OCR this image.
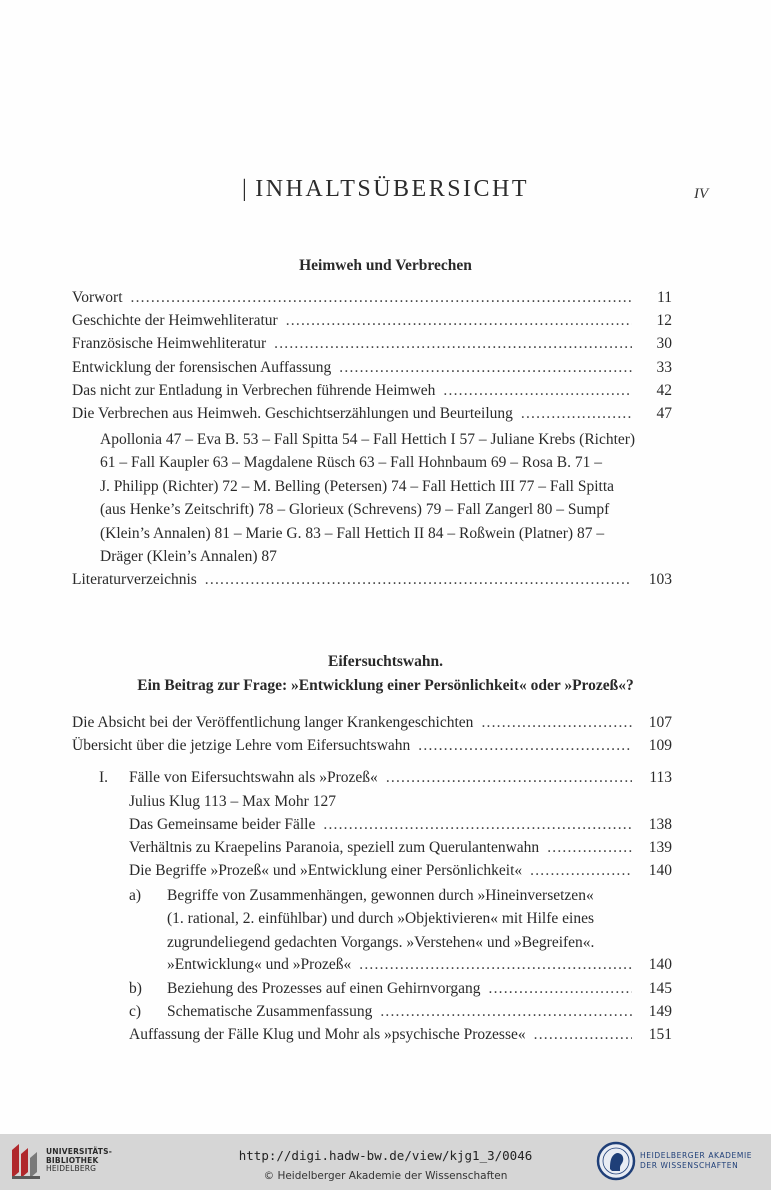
| INHALTSÜBERSICHT	IV
Heimweh und Verbrechen
Vorwort .....	11
Geschichte der Heimwehliteratur .....	12
Französische Heimwehliteratur .....	30
Entwicklung der forensischen Auffassung .....	33
Das nicht zur Entladung in Verbrechen führende Heimweh .....	42
Die Verbrechen aus Heimweh. Geschichtserzählungen und Beurteilung .....	47
Apollonia 47 – Eva B. 53 – Fall Spitta 54 – Fall Hettich I 57 – Juliane Krebs (Richter)
61 – Fall Kaupler 63 – Magdalene Rüsch 63 – Fall Hohnbaum 69 – Rosa B. 71 –
J. Philipp (Richter) 72 – M. Belling (Petersen) 74 – Fall Hettich III 77 – Fall Spitta
(aus Henke’s Zeitschrift) 78 – Glorieux (Schrevens) 79 – Fall Zangerl 80 – Sumpf
(Klein’s Annalen) 81 – Marie G. 83 – Fall Hettich II 84 – Roßwein (Platner) 87 –
Dräger (Klein’s Annalen) 87
Literaturverzeichnis .....	103
Eifersuchtswahn.
Ein Beitrag zur Frage: »Entwicklung einer Persönlichkeit« oder »Prozeß«?
Die Absicht bei der Veröffentlichung langer Krankengeschichten .....	107
Übersicht über die jetzige Lehre vom Eifersuchtswahn .....	109
I.	Fälle von Eifersuchtswahn als »Prozeß« .....	113
Julius Klug 113 – Max Mohr 127
Das Gemeinsame beider Fälle .....	138
Verhältnis zu Kraepelins Paranoia, speziell zum Querulantenwahn .....	139
Die Begriffe »Prozeß« und »Entwicklung einer Persönlichkeit« .....	140
a) Begriffe von Zusammenhängen, gewonnen durch »Hineinversetzen«
(1. rational, 2. einfühlbar) und durch »Objektivieren« mit Hilfe eines
zugrundeliegend gedachten Vorgangs. »Verstehen« und »Begreifen«.
»Entwicklung« und »Prozeß« .....	140
b)	Beziehung des Prozesses auf einen Gehirnvorgang .....	145
c)	Schematische Zusammenfassung .....	149
Auffassung der Fälle Klug und Mohr als »psychische Prozesse« .....	151
UNIVERSITÄTS-
BIBLIOTHEK
HEIDELBERG
http://digi.hadw-bw.de/view/kjg1_3/0046
© Heidelberger Akademie der Wissenschaften
HEIDELBERGER AKADEMIE
DER WISSENSCHAFTEN
